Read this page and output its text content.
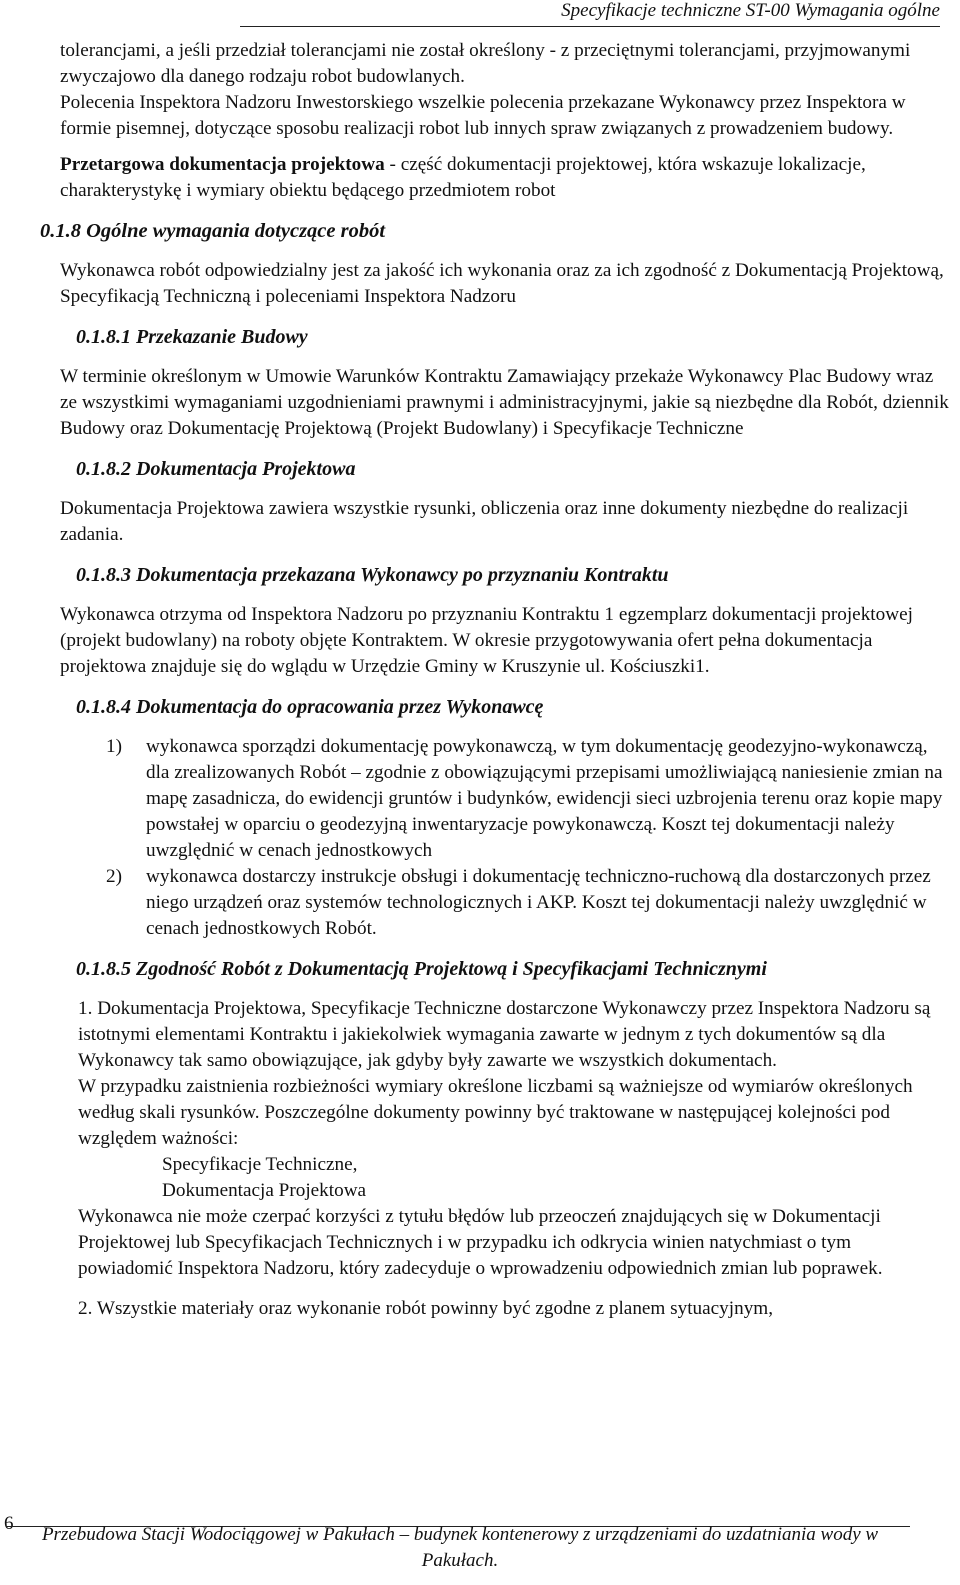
Specyfikacje techniczne ST-00 Wymagania ogólne

tolerancjami, a jeśli przedział tolerancjami nie został określony - z przeciętnymi tolerancjami, przyjmowanymi zwyczajowo dla danego rodzaju robot budowlanych.

Polecenia Inspektora Nadzoru Inwestorskiego wszelkie polecenia przekazane Wykonawcy przez Inspektora w formie pisemnej, dotyczące sposobu realizacji robot lub innych spraw związanych z prowadzeniem budowy.

Przetargowa dokumentacja projektowa - część dokumentacji projektowej, która wskazuje lokalizacje, charakterystykę i wymiary obiektu będącego przedmiotem robot

0.1.8 Ogólne wymagania dotyczące robót

Wykonawca robót odpowiedzialny jest za jakość ich wykonania oraz za ich zgodność z Dokumentacją Projektową, Specyfikacją Techniczną i poleceniami Inspektora Nadzoru

0.1.8.1 Przekazanie Budowy

W terminie określonym w Umowie Warunków Kontraktu Zamawiający przekaże Wykonawcy Plac Budowy wraz ze wszystkimi wymaganiami uzgodnieniami prawnymi i administracyjnymi, jakie są niezbędne dla Robót, dziennik Budowy oraz Dokumentację Projektową (Projekt Budowlany) i Specyfikacje Techniczne

0.1.8.2 Dokumentacja Projektowa

Dokumentacja Projektowa zawiera wszystkie rysunki, obliczenia oraz inne dokumenty niezbędne do realizacji zadania.

0.1.8.3 Dokumentacja przekazana Wykonawcy po przyznaniu Kontraktu

Wykonawca otrzyma od Inspektora Nadzoru po przyznaniu Kontraktu 1 egzemplarz dokumentacji projektowej (projekt budowlany) na roboty objęte Kontraktem. W okresie przygotowywania ofert pełna dokumentacja projektowa znajduje się do wglądu w Urzędzie Gminy w Kruszynie ul. Kościuszki1.

0.1.8.4 Dokumentacja do opracowania przez Wykonawcę

1)	wykonawca sporządzi dokumentację powykonawczą, w tym dokumentację geodezyjno-wykonawczą, dla zrealizowanych Robót – zgodnie z obowiązującymi przepisami umożliwiającą naniesienie zmian na mapę zasadnicza, do ewidencji gruntów i budynków, ewidencji sieci uzbrojenia terenu oraz kopie mapy powstałej w oparciu o geodezyjną inwentaryzacje powykonawczą. Koszt tej dokumentacji należy uwzględnić w cenach jednostkowych
2)	wykonawca dostarczy instrukcje obsługi i dokumentację techniczno-ruchową dla dostarczonych przez niego urządzeń oraz systemów technologicznych i AKP. Koszt tej dokumentacji należy uwzględnić w cenach jednostkowych Robót.

0.1.8.5 Zgodność Robót z Dokumentacją Projektową i Specyfikacjami Technicznymi

1. Dokumentacja Projektowa, Specyfikacje Techniczne dostarczone Wykonawczy przez Inspektora Nadzoru są istotnymi elementami Kontraktu i jakiekolwiek wymagania zawarte w jednym z tych dokumentów są dla Wykonawcy tak samo obowiązujące, jak gdyby były zawarte we wszystkich dokumentach.

W przypadku zaistnienia rozbieżności wymiary określone liczbami są ważniejsze od wymiarów określonych według skali rysunków. Poszczególne dokumenty powinny być traktowane w następującej kolejności pod względem ważności:

Specyfikacje Techniczne,

Dokumentacja Projektowa

Wykonawca nie może czerpać korzyści z tytułu błędów lub przeoczeń znajdujących się w Dokumentacji Projektowej lub Specyfikacjach Technicznych i w przypadku ich odkrycia winien natychmiast o tym powiadomić Inspektora Nadzoru, który zadecyduje o wprowadzeniu odpowiednich zmian lub poprawek.

2. Wszystkie materiały oraz wykonanie robót powinny być zgodne z planem sytuacyjnym,

6
Przebudowa Stacji Wodociągowej w Pakułach – budynek kontenerowy z urządzeniami do uzdatniania wody w Pakułach.
